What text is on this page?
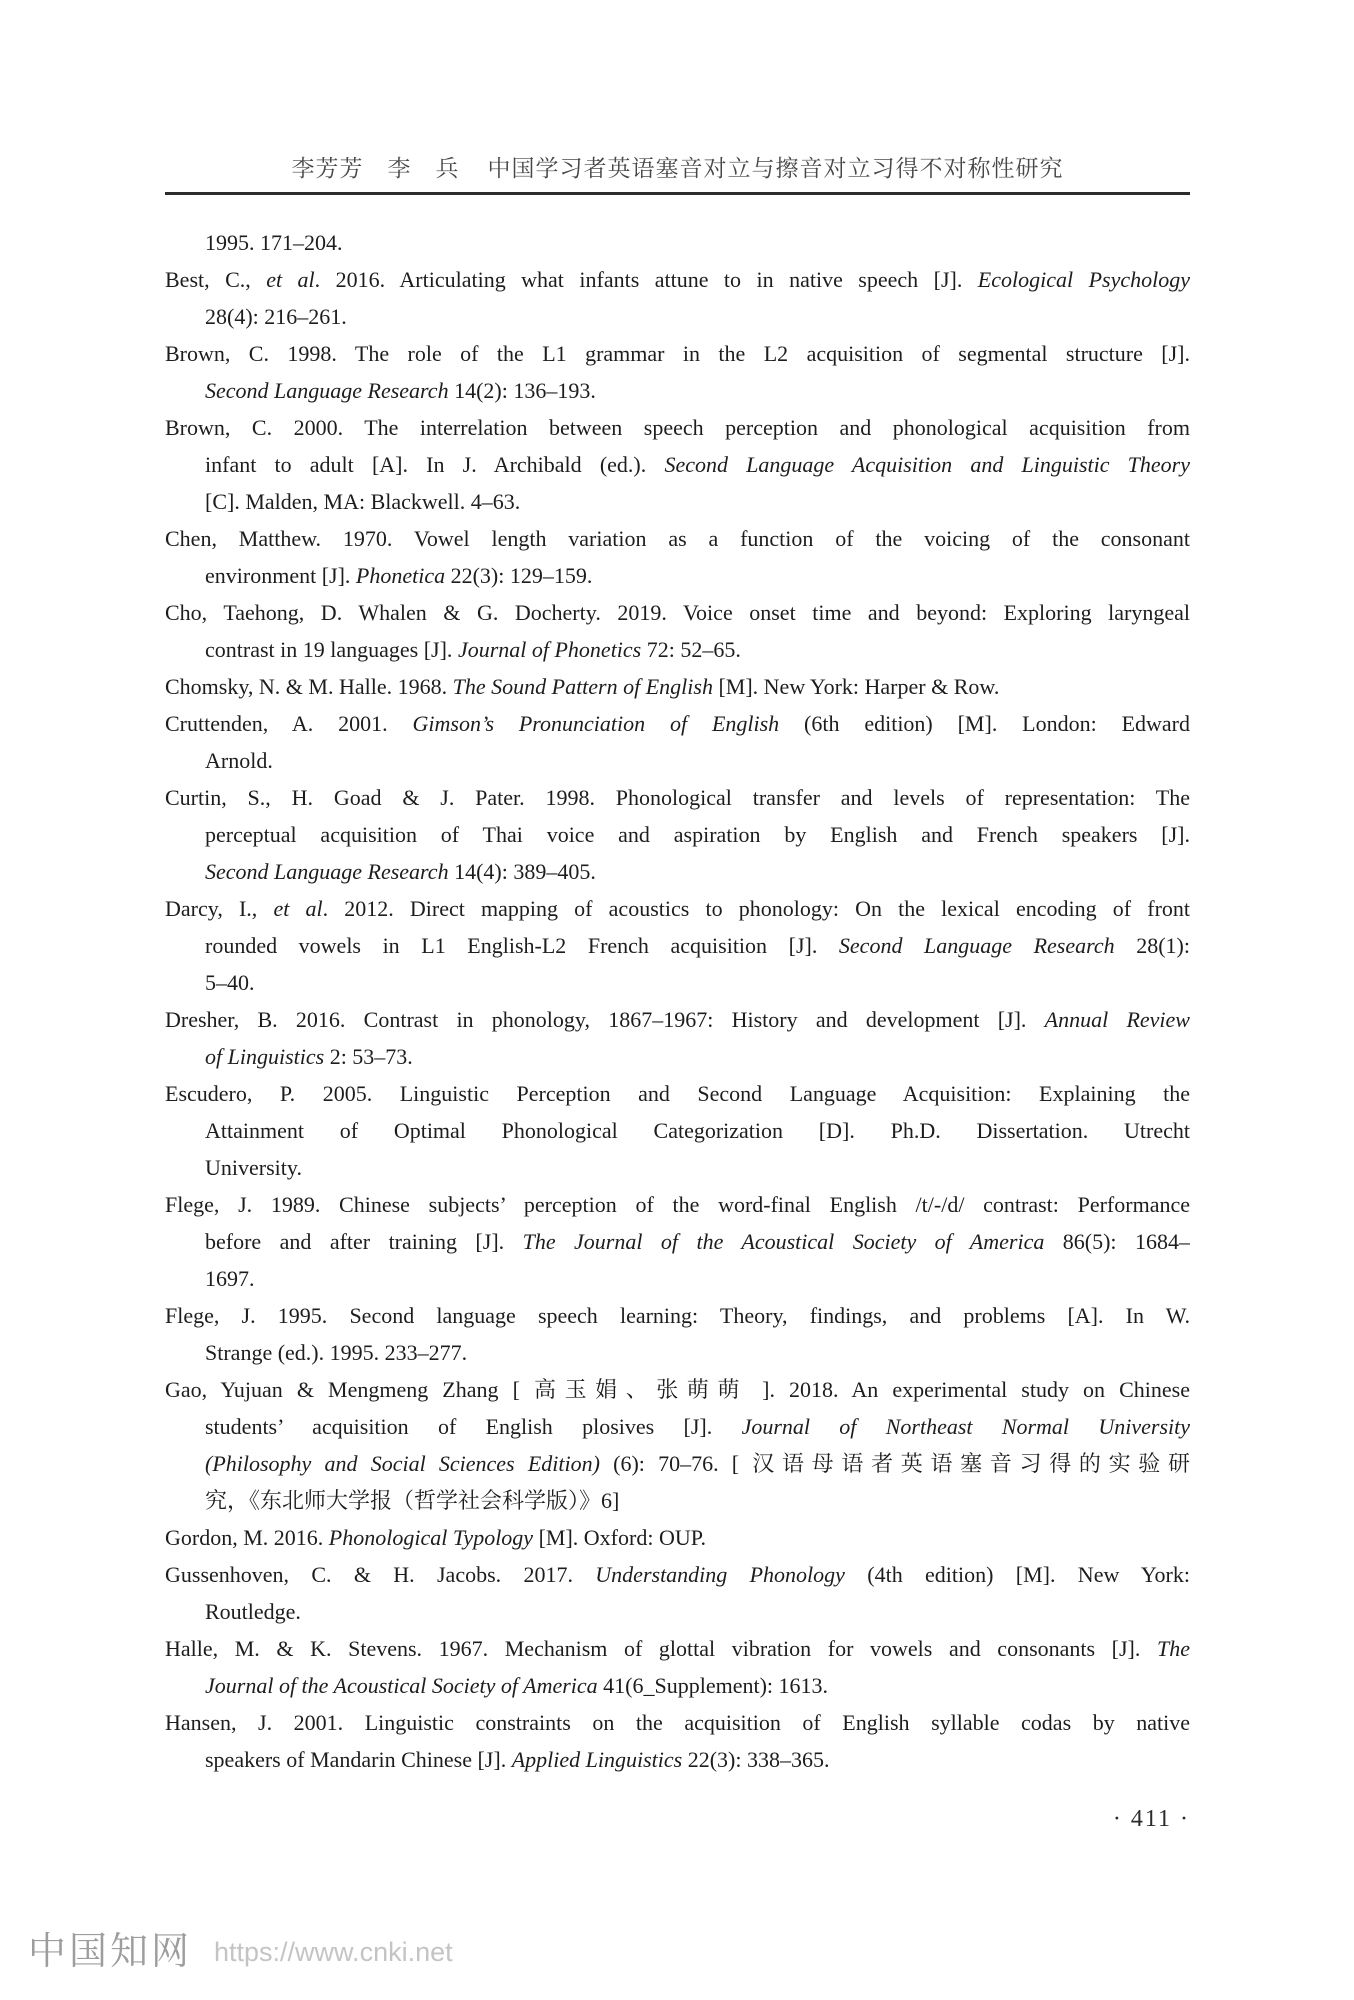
李芳芳　李　兵 中国学习者英语塞音对立与擦音对立习得不对称性研究
1995. 171–204.
Best, C., et al. 2016. Articulating what infants attune to in native speech [J]. Ecological Psychology
28(4): 216–261.
Brown, C. 1998. The role of the L1 grammar in the L2 acquisition of segmental structure [J].
Second Language Research 14(2): 136–193.
Brown, C. 2000. The interrelation between speech perception and phonological acquisition from
infant to adult [A]. In J. Archibald (ed.). Second Language Acquisition and Linguistic Theory
[C]. Malden, MA: Blackwell. 4–63.
Chen, Matthew. 1970. Vowel length variation as a function of the voicing of the consonant
environment [J]. Phonetica 22(3): 129–159.
Cho, Taehong, D. Whalen & G. Docherty. 2019. Voice onset time and beyond: Exploring laryngeal
contrast in 19 languages [J]. Journal of Phonetics 72: 52–65.
Chomsky, N. & M. Halle. 1968. The Sound Pattern of English [M]. New York: Harper & Row.
Cruttenden, A. 2001. Gimson’s Pronunciation of English (6th edition) [M]. London: Edward
Arnold.
Curtin, S., H. Goad & J. Pater. 1998. Phonological transfer and levels of representation: The
perceptual acquisition of Thai voice and aspiration by English and French speakers [J].
Second Language Research 14(4): 389–405.
Darcy, I., et al. 2012. Direct mapping of acoustics to phonology: On the lexical encoding of front
rounded vowels in L1 English-L2 French acquisition [J]. Second Language Research 28(1):
5–40.
Dresher, B. 2016. Contrast in phonology, 1867–1967: History and development [J]. Annual Review
of Linguistics 2: 53–73.
Escudero, P. 2005. Linguistic Perception and Second Language Acquisition: Explaining the
Attainment of Optimal Phonological Categorization [D]. Ph.D. Dissertation. Utrecht
University.
Flege, J. 1989. Chinese subjects’ perception of the word-final English /t/-/d/ contrast: Performance
before and after training [J]. The Journal of the Acoustical Society of America 86(5): 1684–
1697.
Flege, J. 1995. Second language speech learning: Theory, findings, and problems [A]. In W.
Strange (ed.). 1995. 233–277.
Gao, Yujuan & Mengmeng Zhang [ 高玉娟、张萌萌 ]. 2018. An experimental study on Chinese
students’ acquisition of English plosives [J]. Journal of Northeast Normal University
(Philosophy and Social Sciences Edition) (6): 70–76. [ 汉语母语者英语塞音习得的实验研
究，《东北师大学报（哲学社会科学版）》6]
Gordon, M. 2016. Phonological Typology [M]. Oxford: OUP.
Gussenhoven, C. & H. Jacobs. 2017. Understanding Phonology (4th edition) [M]. New York:
Routledge.
Halle, M. & K. Stevens. 1967. Mechanism of glottal vibration for vowels and consonants [J]. The
Journal of the Acoustical Society of America 41(6_Supplement): 1613.
Hansen, J. 2001. Linguistic constraints on the acquisition of English syllable codas by native
speakers of Mandarin Chinese [J]. Applied Linguistics 22(3): 338–365.
· 411 ·
中国知网 https://www.cnki.net
